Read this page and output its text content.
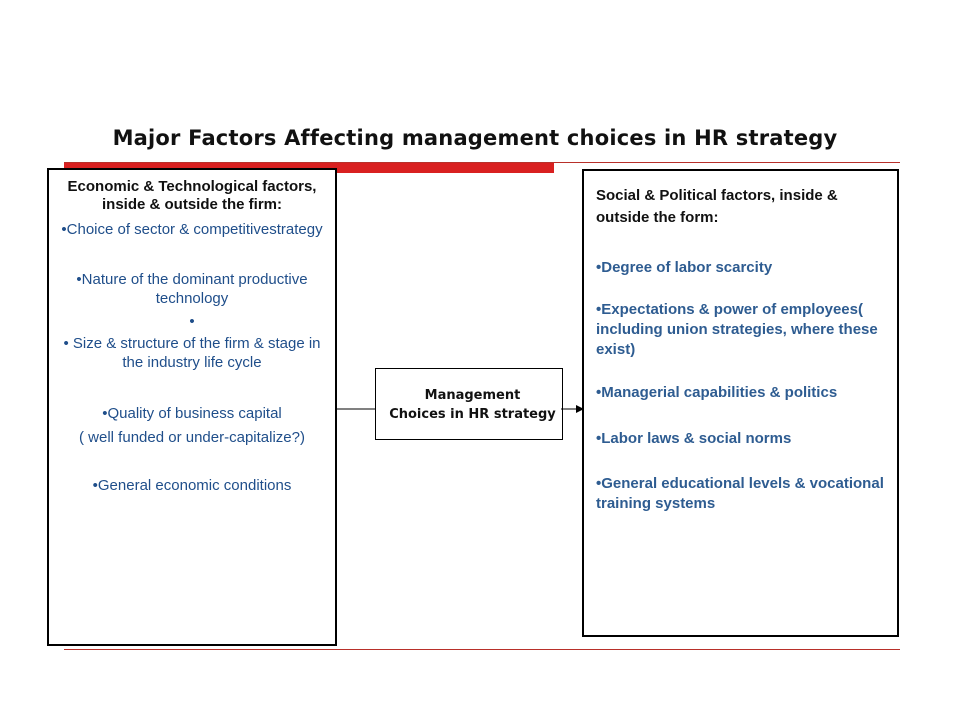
Major Factors Affecting management choices in HR strategy
Economic & Technological factors, inside & outside the firm:
•Choice of sector & competitivestrategy
•Nature of the dominant productive technology
•
• Size & structure of the firm & stage in the industry life cycle
•Quality of business capital
( well funded or under-capitalize?)
•General economic conditions
Management
Choices in HR strategy
Social & Political factors, inside & outside the form:
•Degree of labor scarcity
•Expectations & power of employees( including union strategies, where these exist)
•Managerial capabilities & politics
•Labor laws & social norms
•General educational levels & vocational training systems
